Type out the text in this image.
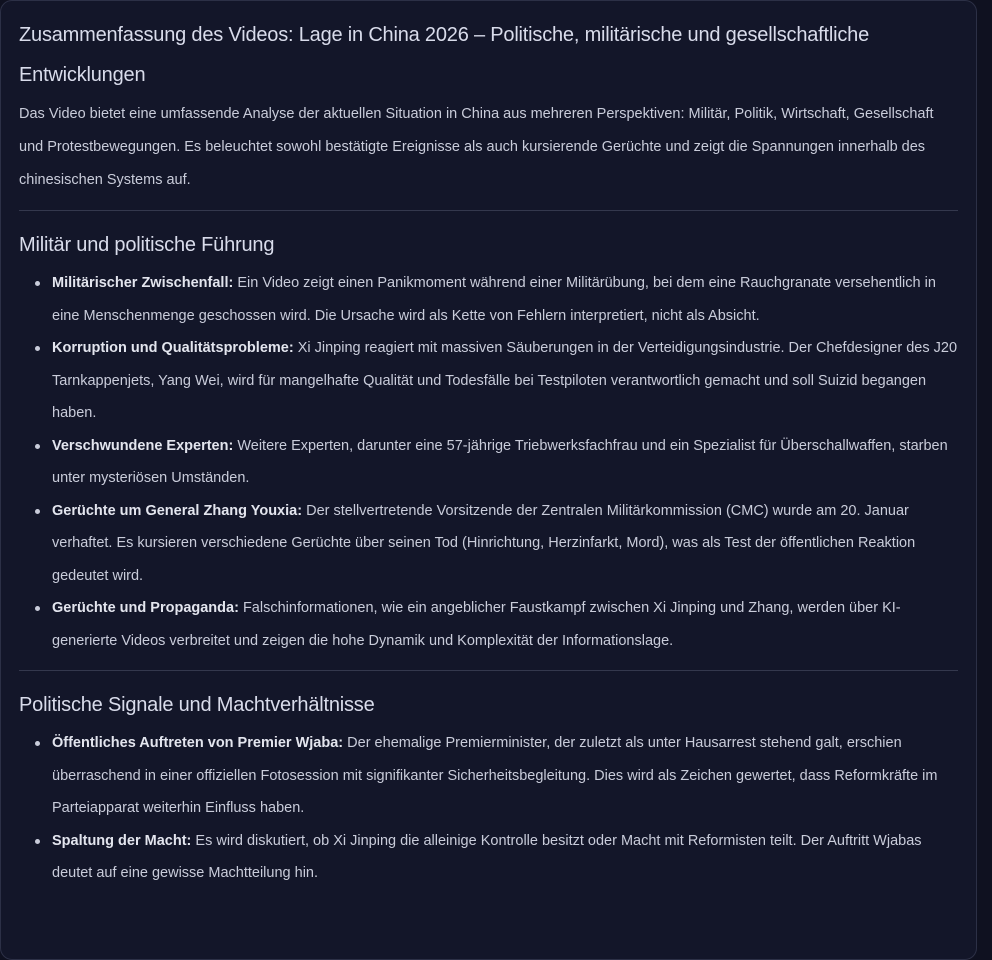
Zusammenfassung des Videos: Lage in China 2026 – Politische, militärische und gesellschaftliche Entwicklungen

Das Video bietet eine umfassende Analyse der aktuellen Situation in China aus mehreren Perspektiven: Militär, Politik, Wirtschaft, Gesellschaft und Protestbewegungen. Es beleuchtet sowohl bestätigte Ereignisse als auch kursierende Gerüchte und zeigt die Spannungen innerhalb des chinesischen Systems auf.

Militär und politische Führung
Militärischer Zwischenfall: Ein Video zeigt einen Panikmoment während einer Militärübung, bei dem eine Rauchgranate versehentlich in eine Menschenmenge geschossen wird. Die Ursache wird als Kette von Fehlern interpretiert, nicht als Absicht.
Korruption und Qualitätsprobleme: Xi Jinping reagiert mit massiven Säuberungen in der Verteidigungsindustrie. Der Chefdesigner des J20 Tarnkappenjets, Yang Wei, wird für mangelhafte Qualität und Todesfälle bei Testpiloten verantwortlich gemacht und soll Suizid begangen haben.
Verschwundene Experten: Weitere Experten, darunter eine 57-jährige Triebwerksfachfrau und ein Spezialist für Überschallwaffen, starben unter mysteriösen Umständen.
Gerüchte um General Zhang Youxia: Der stellvertretende Vorsitzende der Zentralen Militärkommission (CMC) wurde am 20. Januar verhaftet. Es kursieren verschiedene Gerüchte über seinen Tod (Hinrichtung, Herzinfarkt, Mord), was als Test der öffentlichen Reaktion gedeutet wird.
Gerüchte und Propaganda: Falschinformationen, wie ein angeblicher Faustkampf zwischen Xi Jinping und Zhang, werden über KI-generierte Videos verbreitet und zeigen die hohe Dynamik und Komplexität der Informationslage.
Politische Signale und Machtverhältnisse
Öffentliches Auftreten von Premier Wjaba: Der ehemalige Premierminister, der zuletzt als unter Hausarrest stehend galt, erschien überraschend in einer offiziellen Fotosession mit signifikanter Sicherheitsbegleitung. Dies wird als Zeichen gewertet, dass Reformkräfte im Parteiapparat weiterhin Einfluss haben.
Spaltung der Macht: Es wird diskutiert, ob Xi Jinping die alleinige Kontrolle besitzt oder Macht mit Reformisten teilt. Der Auftritt Wjabas deutet auf eine gewisse Machtteilung hin.
